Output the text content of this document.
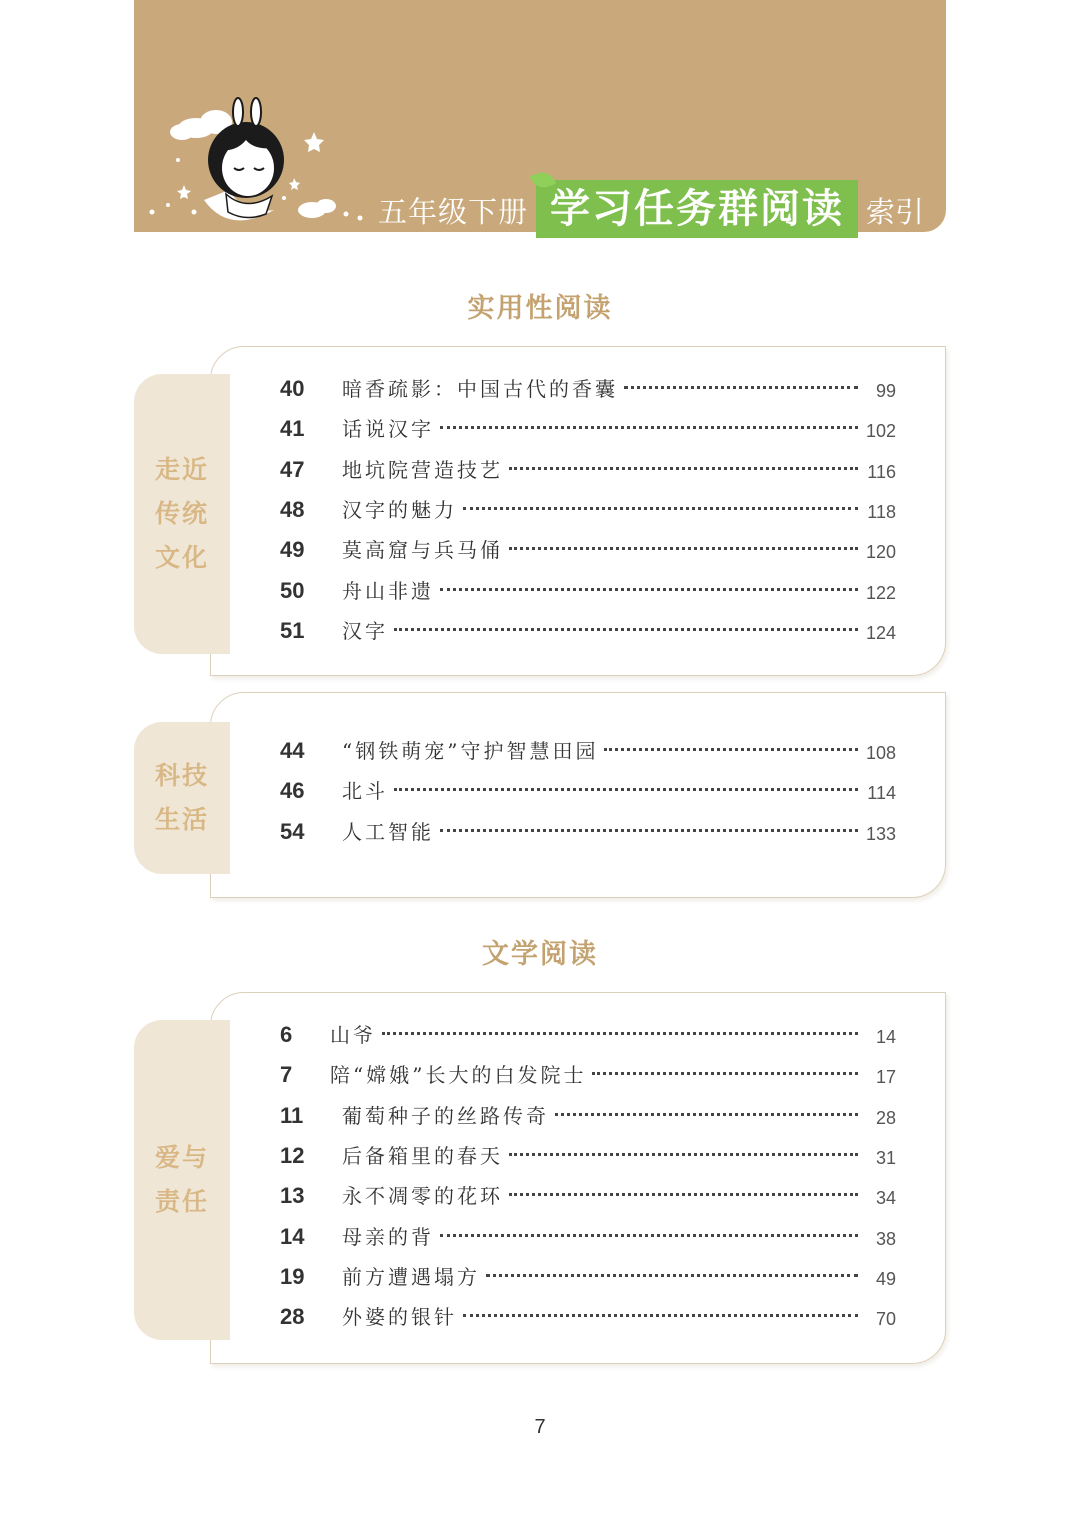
五年级下册 学习任务群阅读 索引
实用性阅读
走近传统文化
40 暗香疏影：中国古代的香囊	99
41 话说汉字	102
47 地坑院营造技艺	116
48 汉字的魅力	118
49 莫高窟与兵马俑	120
50 舟山非遗	122
51 汉字	124
科技生活
44 “钢铁萌宠”守护智慧田园	108
46 北斗	114
54 人工智能	133
文学阅读
爱与责任
6 山爷	14
7 陪“嫦娥”长大的白发院士	17
11 葡萄种子的丝路传奇	28
12 后备箱里的春天	31
13 永不凋零的花环	34
14 母亲的背	38
19 前方遭遇塌方	49
28 外婆的银针	70
7
